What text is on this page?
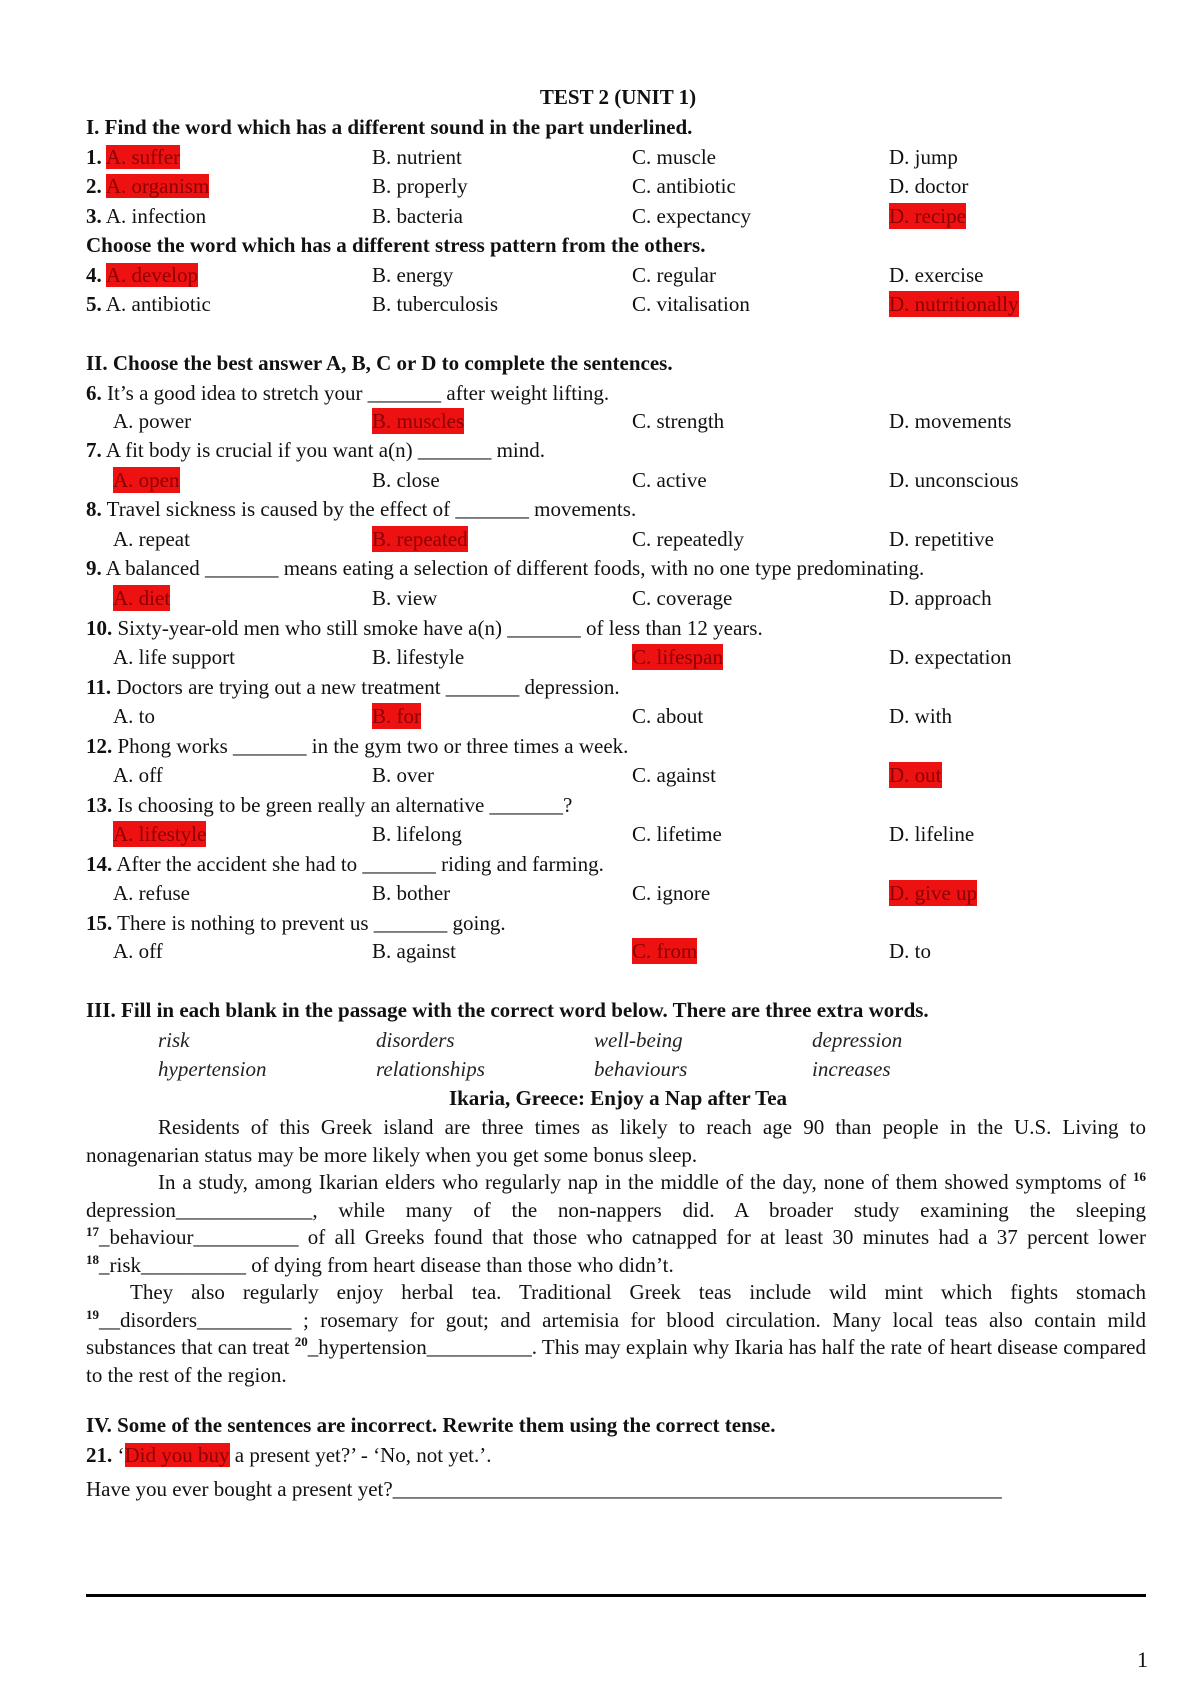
TEST 2 (UNIT 1)
I. Find the word which has a different sound in the part underlined.
1. A. suffer	B. nutrient	C. muscle	D. jump
2. A. organism	B. properly	C. antibiotic	D. doctor
3. A. infection	B. bacteria	C. expectancy	D. recipe
Choose the word which has a different stress pattern from the others.
4. A. develop	B. energy	C. regular	D. exercise
5. A. antibiotic	B. tuberculosis	C. vitalisation	D. nutritionally
II. Choose the best answer A, B, C or D to complete the sentences.
6. It’s a good idea to stretch your _______ after weight lifting.
A. power	B. muscles	C. strength	D. movements
7. A fit body is crucial if you want a(n) _______ mind.
A. open	B. close	C. active	D. unconscious
8. Travel sickness is caused by the effect of _______ movements.
A. repeat	B. repeated	C. repeatedly	D. repetitive
9. A balanced _______ means eating a selection of different foods, with no one type predominating.
A. diet	B. view	C. coverage	D. approach
10. Sixty-year-old men who still smoke have a(n) _______ of less than 12 years.
A. life support	B. lifestyle	C. lifespan	D. expectation
11. Doctors are trying out a new treatment _______ depression.
A. to	B. for	C. about	D. with
12. Phong works _______ in the gym two or three times a week.
A. off	B. over	C. against	D. out
13. Is choosing to be green really an alternative _______?
A. lifestyle	B. lifelong	C. lifetime	D. lifeline
14. After the accident she had to _______ riding and farming.
A. refuse	B. bother	C. ignore	D. give up
15. There is nothing to prevent us _______ going.
A. off	B. against	C. from	D. to
III. Fill in each blank in the passage with the correct word below. There are three extra words.
risk	disorders	well-being	depression
hypertension	relationships	behaviours	increases
Ikaria, Greece: Enjoy a Nap after Tea
Residents of this Greek island are three times as likely to reach age 90 than people in the U.S. Living to nonagenarian status may be more likely when you get some bonus sleep.
In a study, among Ikarian elders who regularly nap in the middle of the day, none of them showed symptoms of $^{16}$ depression_____________, while many of the non-nappers did. A broader study examining the sleeping $^{17}$_behaviour__________ of all Greeks found that those who catnapped for at least 30 minutes had a 37 percent lower $^{18}$_risk__________ of dying from heart disease than those who didn’t.
They also regularly enjoy herbal tea. Traditional Greek teas include wild mint which fights stomach $^{19}$__disorders_________ ; rosemary for gout; and artemisia for blood circulation. Many local teas also contain mild substances that can treat $^{20}$_hypertension__________. This may explain why Ikaria has half the rate of heart disease compared to the rest of the region.
IV. Some of the sentences are incorrect. Rewrite them using the correct tense.
21. ‘Did you buy a present yet?’ - ‘No, not yet.’.
Have you ever bought a present yet?__________________________________________________________
1
